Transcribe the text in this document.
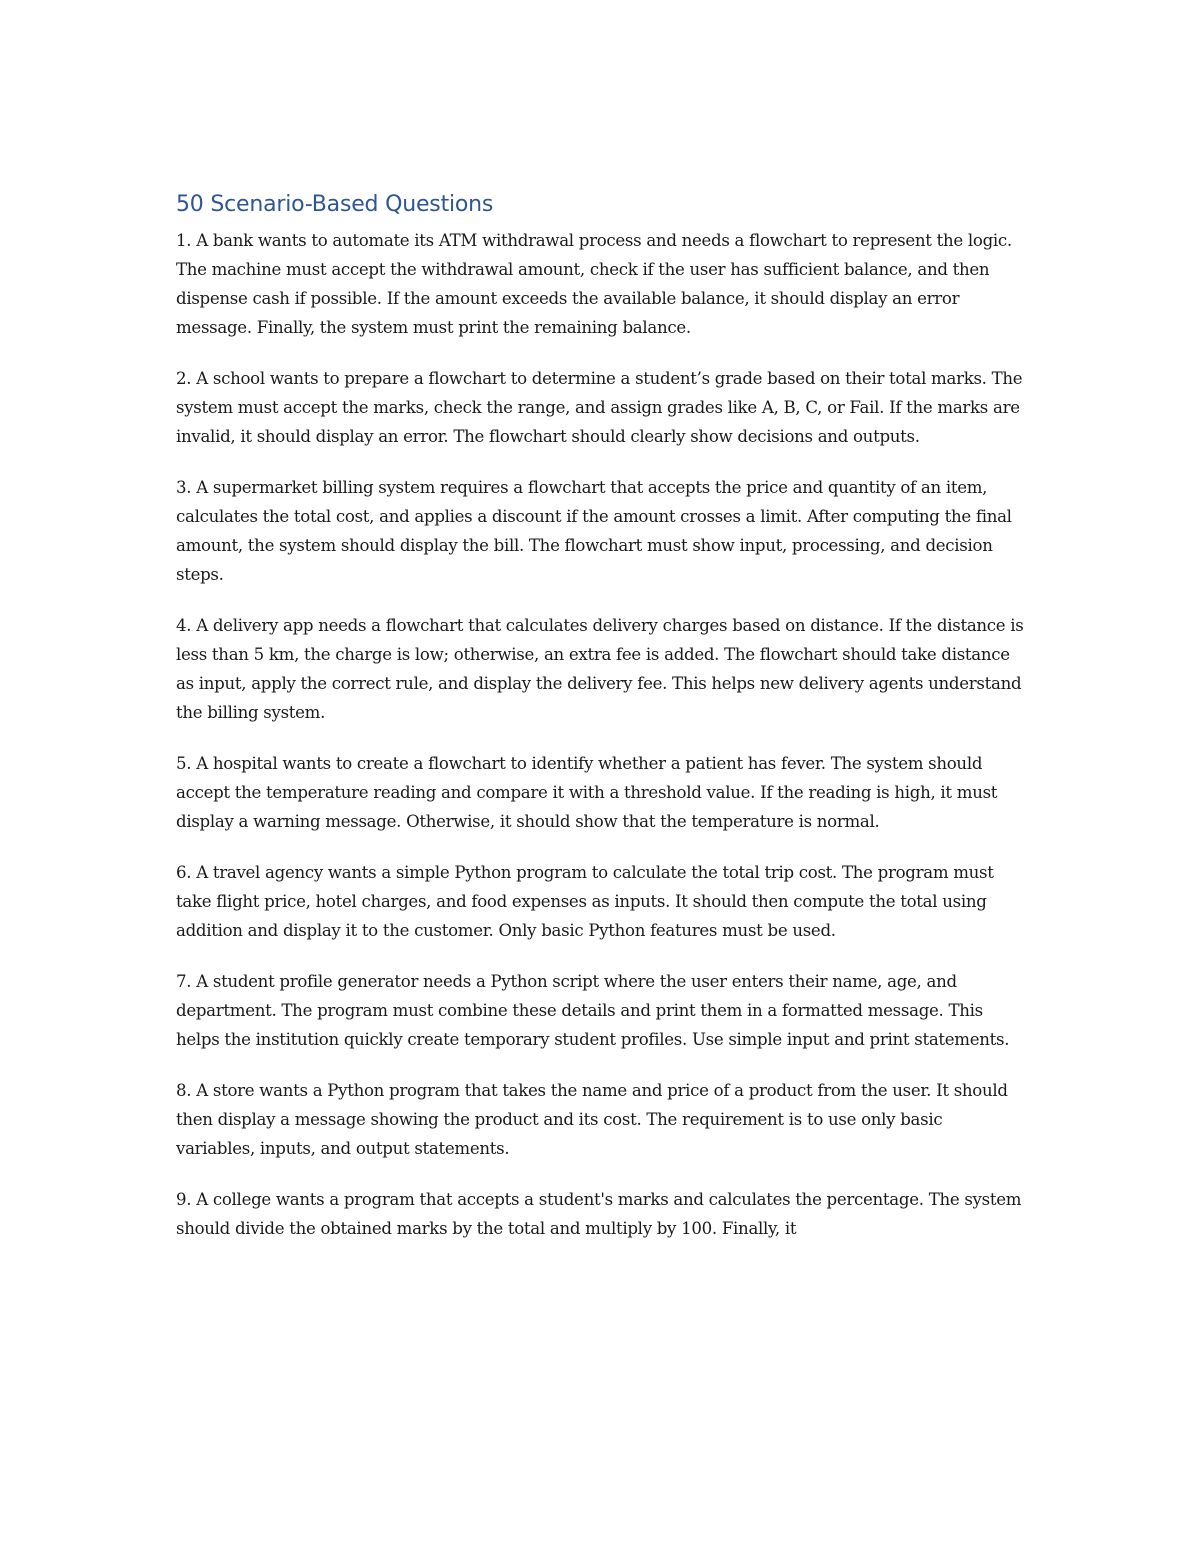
50 Scenario-Based Questions

1. A bank wants to automate its ATM withdrawal process and needs a flowchart to represent the logic. The machine must accept the withdrawal amount, check if the user has sufficient balance, and then dispense cash if possible. If the amount exceeds the available balance, it should display an error message. Finally, the system must print the remaining balance.

2. A school wants to prepare a flowchart to determine a student’s grade based on their total marks. The system must accept the marks, check the range, and assign grades like A, B, C, or Fail. If the marks are invalid, it should display an error. The flowchart should clearly show decisions and outputs.

3. A supermarket billing system requires a flowchart that accepts the price and quantity of an item, calculates the total cost, and applies a discount if the amount crosses a limit. After computing the final amount, the system should display the bill. The flowchart must show input, processing, and decision steps.

4. A delivery app needs a flowchart that calculates delivery charges based on distance. If the distance is less than 5 km, the charge is low; otherwise, an extra fee is added. The flowchart should take distance as input, apply the correct rule, and display the delivery fee. This helps new delivery agents understand the billing system.

5. A hospital wants to create a flowchart to identify whether a patient has fever. The system should accept the temperature reading and compare it with a threshold value. If the reading is high, it must display a warning message. Otherwise, it should show that the temperature is normal.

6. A travel agency wants a simple Python program to calculate the total trip cost. The program must take flight price, hotel charges, and food expenses as inputs. It should then compute the total using addition and display it to the customer. Only basic Python features must be used.

7. A student profile generator needs a Python script where the user enters their name, age, and department. The program must combine these details and print them in a formatted message. This helps the institution quickly create temporary student profiles. Use simple input and print statements.

8. A store wants a Python program that takes the name and price of a product from the user. It should then display a message showing the product and its cost. The requirement is to use only basic variables, inputs, and output statements.

9. A college wants a program that accepts a student's marks and calculates the percentage. The system should divide the obtained marks by the total and multiply by 100. Finally, it
